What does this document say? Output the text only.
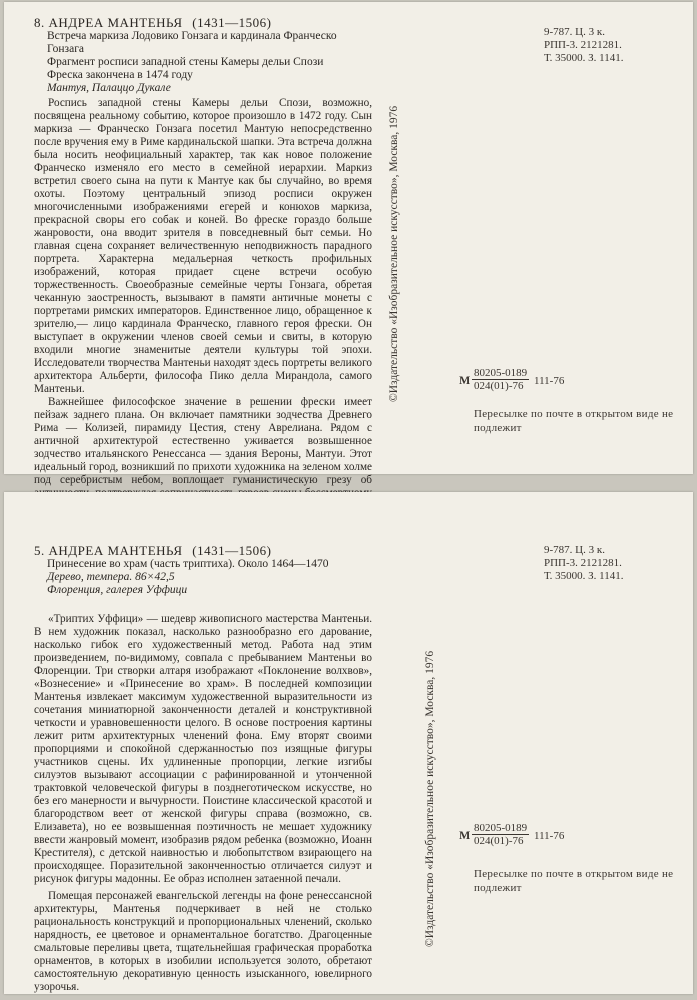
8. АНДРЕА МАНТЕНЬЯ (1431—1506)
Встреча маркиза Лодовико Гонзага и кардинала Франческо
Гонзага
Фрагмент росписи западной стены Камеры дельи Спози
Фреска закончена в 1474 году
Мантуя, Палаццо Дукале

Роспись западной стены Камеры дельи Спози, возможно, посвящена реальному событию, которое произошло в 1472 году. Сын маркиза — Франческо Гонзага посетил Мантую непосредственно после вручения ему в Риме кардинальской шапки. Эта встреча должна была носить неофициальный характер, так как новое положение Франческо изменяло его место в семейной иерархии. Маркиз встретил своего сына на пути к Мантуе как бы случайно, во время охоты. Поэтому центральный эпизод росписи окружен многочисленными изображениями егерей и конюхов маркиза, прекрасной своры его собак и коней. Во фреске гораздо больше жанровости, она вводит зрителя в повседневный быт семьи. Но главная сцена сохраняет величественную неподвижность парадного портрета. Характерна медальерная четкость профильных изображений, которая придает сцене встречи особую торжественность. Своеобразные семейные черты Гонзага, обретая чеканную заостренность, вызывают в памяти античные монеты с портретами римских императоров. Единственное лицо, обращенное к зрителю,— лицо кардинала Франческо, главного героя фрески. Он выступает в окружении членов своей семьи и свиты, в которую входили многие знаменитые деятели культуры той эпохи. Исследователи творчества Мантеньи находят здесь портреты великого архитектора Альберти, философа Пико делла Мирандола, самого Мантеньи.

Важнейшее философское значение в решении фрески имеет пейзаж заднего плана. Он включает памятники зодчества Древнего Рима — Колизей, пирамиду Цестия, стену Аврелиана. Рядом с античной архитектурой естественно уживается возвышенное зодчество итальянского Ренессанса — здания Вероны, Мантуи. Этот идеальный город, возникший по прихоти художника на зеленом холме под серебристым небом, воплощает гуманистическую грезу об

©Издательство «Изобразительное искусство», Москва, 1976
9-787. Ц. 3 к.
РПП-3. 2121281.
Т. 35000. З. 1141.
М $\frac{80205-0189}{024(01)-76} 111-76$
Пересылке по почте в открытом виде не подлежит
5. АНДРЕА МАНТЕНЬЯ (1431—1506)
Принесение во храм (часть триптиха). Около 1464—1470
Дерево, темпера. 86×42,5
Флоренция, галерея Уффици

«Триптих Уффици» — шедевр живописного мастерства Мантеньи. В нем художник показал, насколько разнообразно его дарование, насколько гибок его художественный метод. Работа над этим произведением, по-видимому, совпала с пребыванием Мантеньи во Флоренции. Три створки алтаря изображают «Поклонение волхвов», «Вознесение» и «Принесение во храм». В последней композиции Мантенья извлекает максимум художественной выразительности из сочетания миниатюрной законченности деталей и конструктивной четкости и уравновешенности целого. В основе построения картины лежит ритм архитектурных членений фона. Ему вторят своими пропорциями и спокойной сдержанностью поз изящные фигуры участников сцены. Их удлиненные пропорции, легкие изгибы силуэтов вызывают ассоциации с рафинированной и утонченной трактовкой человеческой фигуры в позднеготическом искусстве, но без его манерности и вычурности. Поистине классической красотой и благородством веет от женской фигуры справа (возможно, св. Елизавета), но ее возвышенная поэтичность не мешает художнику ввести жанровый момент, изобразив рядом ребенка (возможно, Иоанн Крестителя), с детской наивностью и любопытством взирающего на происходящее. Поразительной законченностью отличается силуэт и рисунок фигуры мадонны. Ее образ исполнен затаенной печали.

Помещая персонажей евангельской легенды на фоне ренессансной архитектуры, Мантенья подчеркивает в ней не столько рациональность конструкций и пропорциональных членений, сколько нарядность, ее цветовое и орнаментальное богатство. Драгоценные смальтовые переливы цвета, тщательнейшая графическая проработка орнаментов, в которых в изобилии используется золото, обретают самостоятельную декоративную ценность изысканного, ювелирного узорочья.

©Издательство «Изобразительное искусство», Москва, 1976
9-787. Ц. 3 к.
РПП-3. 2121281.
Т. 35000. З. 1141.
М $\frac{80205-0189}{024(01)-76} 111-76$
Пересылке по почте в открытом виде не подлежит
